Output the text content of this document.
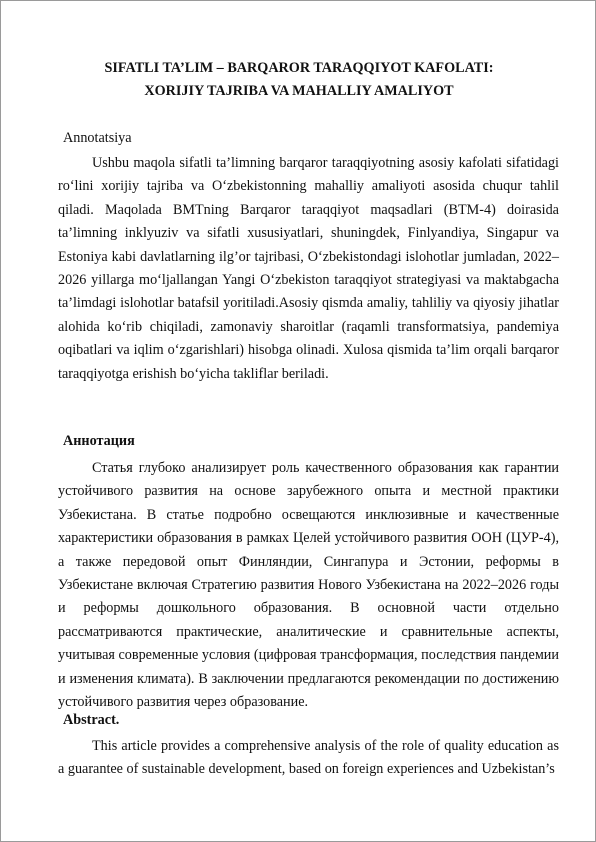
SIFATLI TA’LIM – BARQAROR TARAQQIYOT KAFOLATI:

XORIJIY TAJRIBA VA MAHALLIY AMALIYOT

Annotatsiya

Ushbu maqola sifatli ta’limning barqaror taraqqiyotning asosiy kafolati sifatidagi ro‘lini xorijiy tajriba va O‘zbekistonning mahalliy amaliyoti asosida chuqur tahlil qiladi. Maqolada BMTning Barqaror taraqqiyot maqsadlari (BTM-4) doirasida ta’limning inklyuziv va sifatli xususiyatlari, shuningdek, Finlyandiya, Singapur va Estoniya kabi davlatlarning ilg’or tajribasi, O‘zbekistondagi islohotlar jumladan, 2022–2026 yillarga mo‘ljallangan Yangi O‘zbekiston taraqqiyot strategiyasi va maktabgacha ta’limdagi islohotlar batafsil yoritiladi.Asosiy qismda amaliy, tahliliy va qiyosiy jihatlar alohida ko‘rib chiqiladi, zamonaviy sharoitlar (raqamli transformatsiya, pandemiya oqibatlari va iqlim o‘zgarishlari) hisobga olinadi. Xulosa qismida ta’lim orqali barqaror taraqqiyotga erishish bo‘yicha takliflar beriladi.

Аннотация

Статья глубоко анализирует роль качественного образования как гарантии устойчивого развития на основе зарубежного опыта и местной практики Узбекистана. В статье подробно освещаются инклюзивные и качественные характеристики образования в рамках Целей устойчивого развития ООН (ЦУР-4), а также передовой опыт Финляндии, Сингапура и Эстонии, реформы в Узбекистане включая Стратегию развития Нового Узбекистана на 2022–2026 годы и реформы дошкольного образования. В основной части отдельно рассматриваются практические, аналитические и сравнительные аспекты, учитывая современные условия (цифровая трансформация, последствия пандемии и изменения климата). В заключении предлагаются рекомендации по достижению устойчивого развития через образование.

Abstract.

This article provides a comprehensive analysis of the role of quality education as a guarantee of sustainable development, based on foreign experiences and Uzbekistan’s
